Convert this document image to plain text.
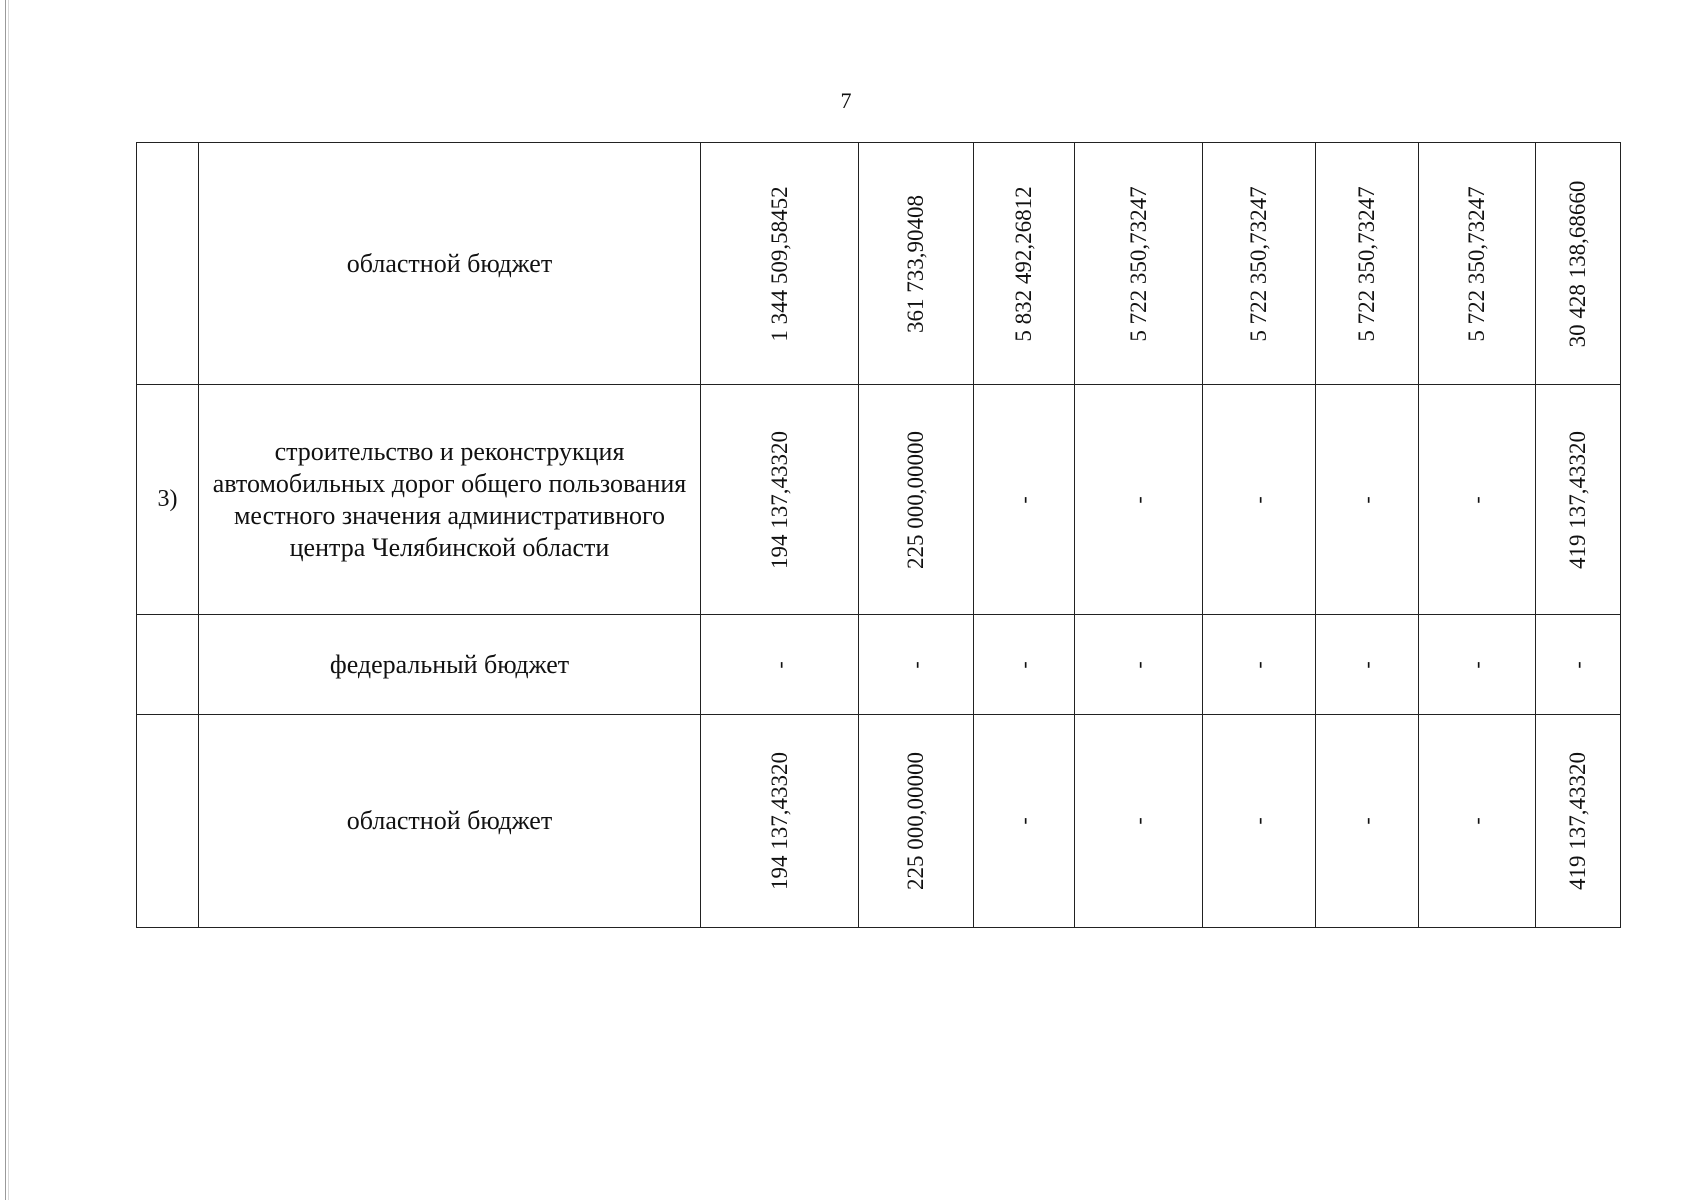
7
	областной бюджет	1 344 509,58452	361 733,90408	5 832 492,26812	5 722 350,73247	5 722 350,73247	5 722 350,73247	5 722 350,73247	30 428 138,68660

3)	строительство и реконструкция автомобильных дорог общего пользования местного значения административного центра Челябинской области	194 137,43320	225 000,00000	-	-	-	-	-	419 137,43320

	федеральный бюджет	-	-	-	-	-	-	-	-

	областной бюджет	194 137,43320	225 000,00000	-	-	-	-	-	419 137,43320
